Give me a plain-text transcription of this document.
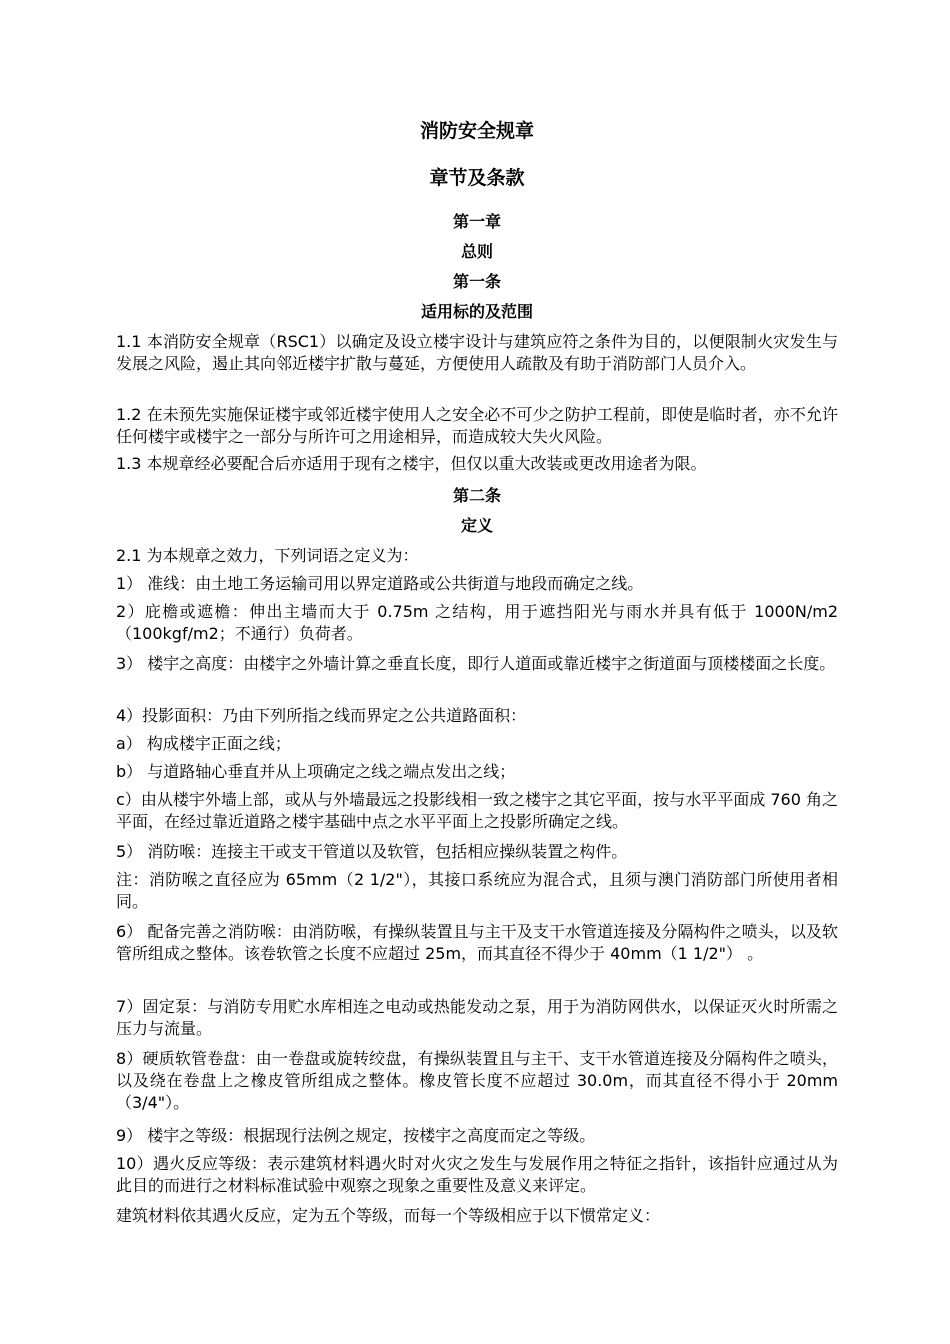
消防安全规章
章节及条款
第一章
总则
第一条
适用标的及范围

1.1 本消防安全规章（RSC1）以确定及设立楼宇设计与建筑应符之条件为目的，以便限制火灾发生与发展之风险，遏止其向邻近楼宇扩散与蔓延，方便使用人疏散及有助于消防部门人员介入。

1.2 在未预先实施保证楼宇或邻近楼宇使用人之安全必不可少之防护工程前，即使是临时者，亦不允许任何楼宇或楼宇之一部分与所许可之用途相异，而造成较大失火风险。

1.3 本规章经必要配合后亦适用于现有之楼宇，但仅以重大改装或更改用途者为限。

第二条
定义

2.1 为本规章之效力，下列词语之定义为：

1） 准线：由土地工务运输司用以界定道路或公共街道与地段而确定之线。

2）庇檐或遮檐：伸出主墙而大于 0.75m 之结构，用于遮挡阳光与雨水并具有低于 1000N/m2（100kgf/m2；不通行）负荷者。

3） 楼宇之高度：由楼宇之外墙计算之垂直长度，即行人道面或靠近楼宇之街道面与顶楼楼面之长度。

4）投影面积：乃由下列所指之线而界定之公共道路面积：

a） 构成楼宇正面之线；

b） 与道路轴心垂直并从上项确定之线之端点发出之线；

c）由从楼宇外墙上部，或从与外墙最远之投影线相一致之楼宇之其它平面，按与水平平面成 760 角之平面，在经过靠近道路之楼宇基础中点之水平平面上之投影所确定之线。

5） 消防喉：连接主干或支干管道以及软管，包括相应操纵装置之构件。

注：消防喉之直径应为 65mm（2 1/2"），其接口系统应为混合式，且须与澳门消防部门所使用者相同。

6） 配备完善之消防喉：由消防喉，有操纵装置且与主干及支干水管道连接及分隔构件之喷头，以及软管所组成之整体。该卷软管之长度不应超过 25m，而其直径不得少于 40mm（1 1/2"） 。

7）固定泵：与消防专用贮水库相连之电动或热能发动之泵，用于为消防网供水，以保证灭火时所需之压力与流量。

8）硬质软管卷盘：由一卷盘或旋转绞盘，有操纵装置且与主干、支干水管道连接及分隔构件之喷头，以及绕在卷盘上之橡皮管所组成之整体。橡皮管长度不应超过 30.0m，而其直径不得小于 20mm（3/4"）。

9） 楼宇之等级：根据现行法例之规定，按楼宇之高度而定之等级。

10）遇火反应等级：表示建筑材料遇火时对火灾之发生与发展作用之特征之指针，该指针应通过从为此目的而进行之材料标准试验中观察之现象之重要性及意义来评定。

建筑材料依其遇火反应，定为五个等级，而每一个等级相应于以下惯常定义：
